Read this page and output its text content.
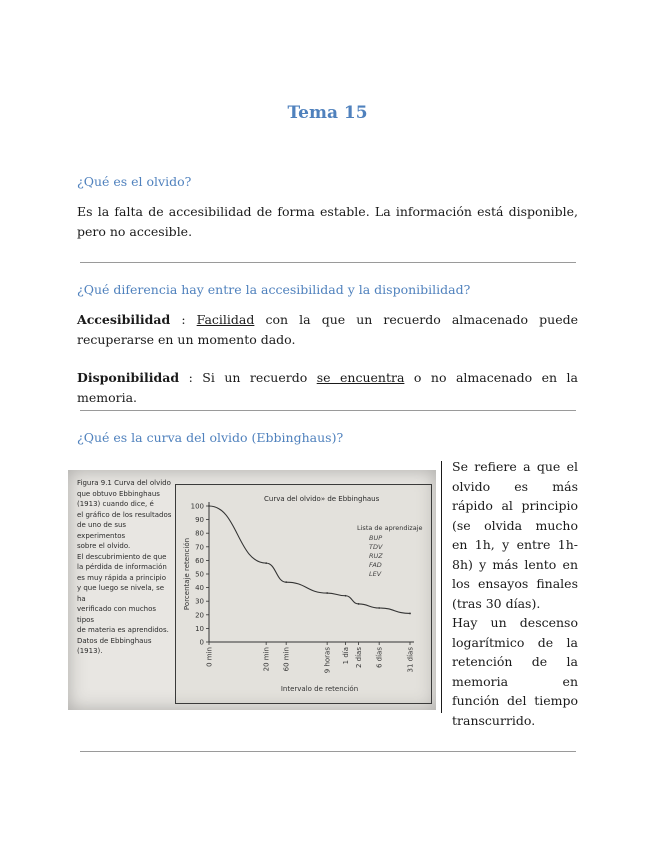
Tema 15
¿Qué es el olvido?

Es la falta de accesibilidad de forma estable. La información está disponible, pero no accesible.

¿Qué diferencia hay entre la accesibilidad y la disponibilidad?

Accesibilidad : Facilidad con la que un recuerdo almacenado puede recuperarse en un momento dado.

Disponibilidad : Si un recuerdo se encuentra o no almacenado en la memoria.

¿Qué es la curva del olvido (Ebbinghaus)?
Figura 9.1 Curva del olvido
que obtuvo Ebbinghaus
(1913) cuando dice, é
el gráfico de los resultados
de uno de sus experimentos
sobre el olvido.
El descubrimiento de que
la pérdida de información
es muy rápida a principio
y que luego se nivela, se ha
verificado con muchos tipos
de materia es aprendidos.
Datos de Ebbinghaus (1913).
0
10
20
30
40
50
60
70
80
90
100
Porcentaje retención
0 min	20 min 60 min	9 horas 1 día 2 días 6 días	31 días
Intervalo de retención
Curva del olvido» de Ebbinghaus
Lista de aprendizaje
BUP
TDV
RUZ
FAD
LEV

Se refiere a que el olvido es más rápido al principio (se olvida mucho en 1h, y entre 1h-8h) y más lento en los ensayos finales (tras 30 días).

Hay un descenso logarítmico de la retención de la memoria en función del tiempo transcurrido.
